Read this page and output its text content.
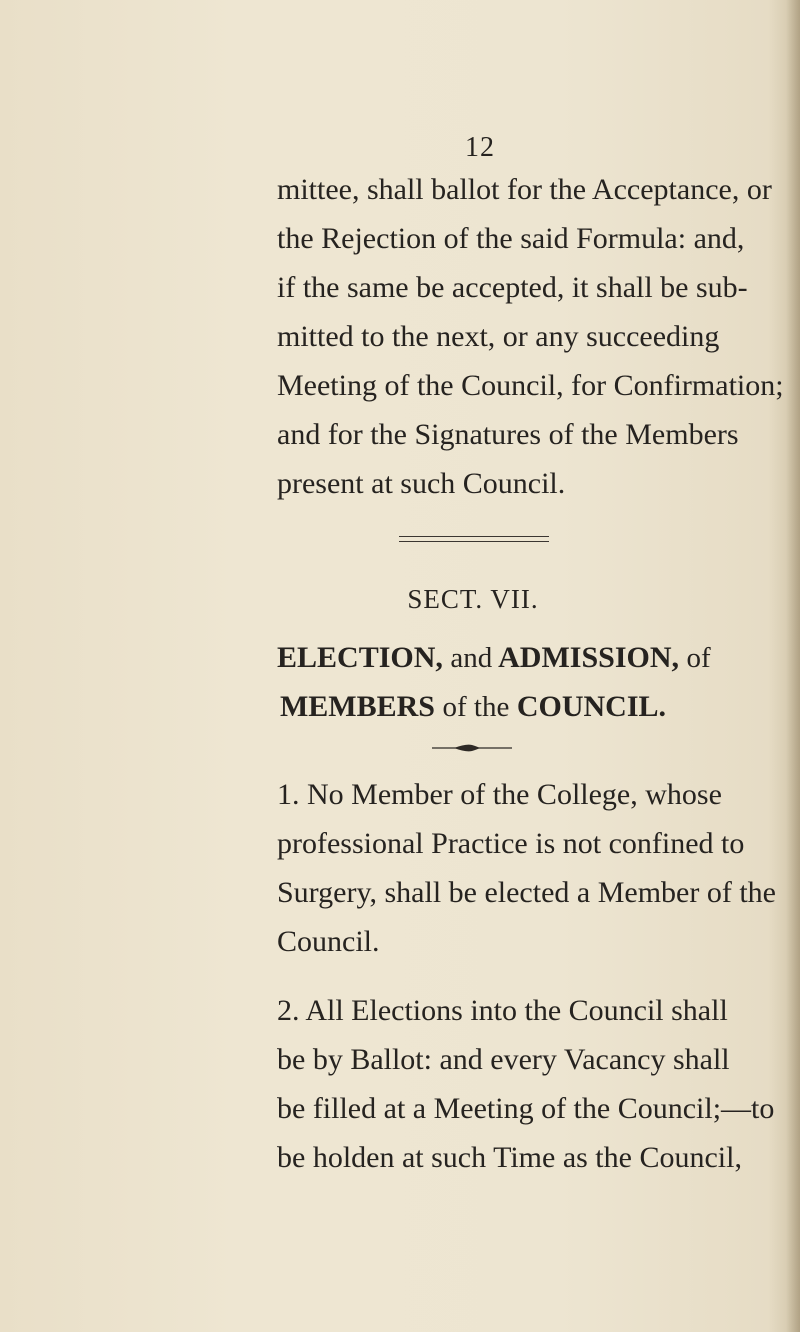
12
mittee, shall ballot for the Acceptance, or
the Rejection of the said Formula: and,
if the same be accepted, it shall be sub-
mitted to the next, or any succeeding
Meeting of the Council, for Confirmation;
and for the Signatures of the Members
present at such Council.
SECT. VII.
ELECTION, and ADMISSION, of
MEMBERS of the COUNCIL.
1. No Member of the College, whose
professional Practice is not confined to
Surgery, shall be elected a Member of the
Council.
2. All Elections into the Council shall
be by Ballot: and every Vacancy shall
be filled at a Meeting of the Council;—to
be holden at such Time as the Council,
